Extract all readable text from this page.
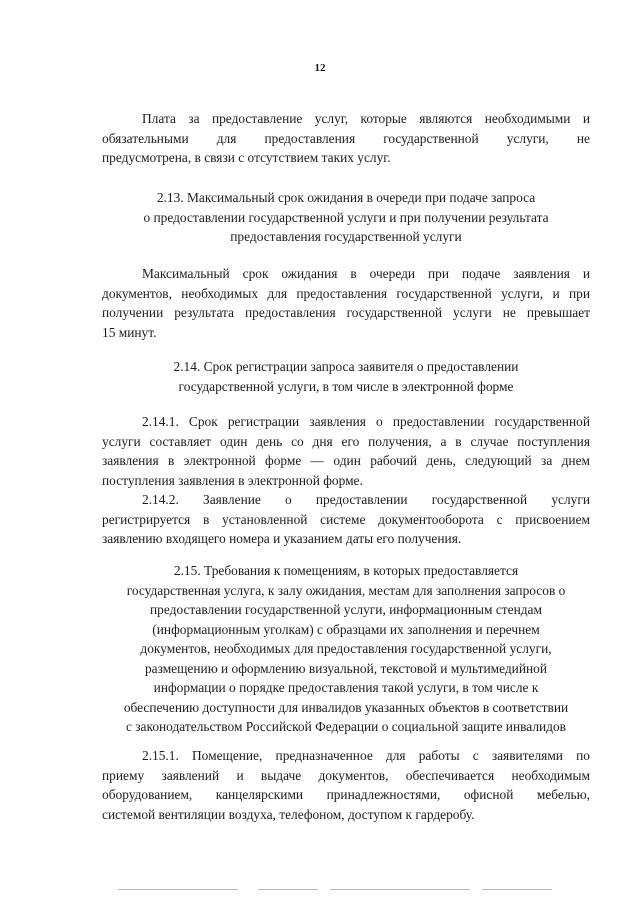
12
Плата за предоставление услуг, которые являются необходимыми и
обязательными для предоставления государственной услуги, не
предусмотрена, в связи с отсутствием таких услуг.
2.13. Максимальный срок ожидания в очереди при подаче запроса
о предоставлении государственной услуги и при получении результата
предоставления государственной услуги
Максимальный срок ожидания в очереди при подаче заявления и
документов, необходимых для предоставления государственной услуги, и при
получении результата предоставления государственной услуги не превышает
15 минут.
2.14. Срок регистрации запроса заявителя о предоставлении
государственной услуги, в том числе в электронной форме
2.14.1. Срок регистрации заявления о предоставлении государственной
услуги составляет один день со дня его получения, а в случае поступления
заявления в электронной форме — один рабочий день, следующий за днем
поступления заявления в электронной форме.
2.14.2. Заявление о предоставлении государственной услуги
регистрируется в установленной системе документооборота с присвоением
заявлению входящего номера и указанием даты его получения.
2.15. Требования к помещениям, в которых предоставляется
государственная услуга, к залу ожидания, местам для заполнения запросов о
предоставлении государственной услуги, информационным стендам
(информационным уголкам) с образцами их заполнения и перечнем
документов, необходимых для предоставления государственной услуги,
размещению и оформлению визуальной, текстовой и мультимедийной
информации о порядке предоставления такой услуги, в том числе к
обеспечению доступности для инвалидов указанных объектов в соответствии
с законодательством Российской Федерации о социальной защите инвалидов
2.15.1. Помещение, предназначенное для работы с заявителями по
приему заявлений и выдаче документов, обеспечивается необходимым
оборудованием, канцелярскими принадлежностями, офисной мебелью,
системой вентиляции воздуха, телефоном, доступом к гардеробу.
